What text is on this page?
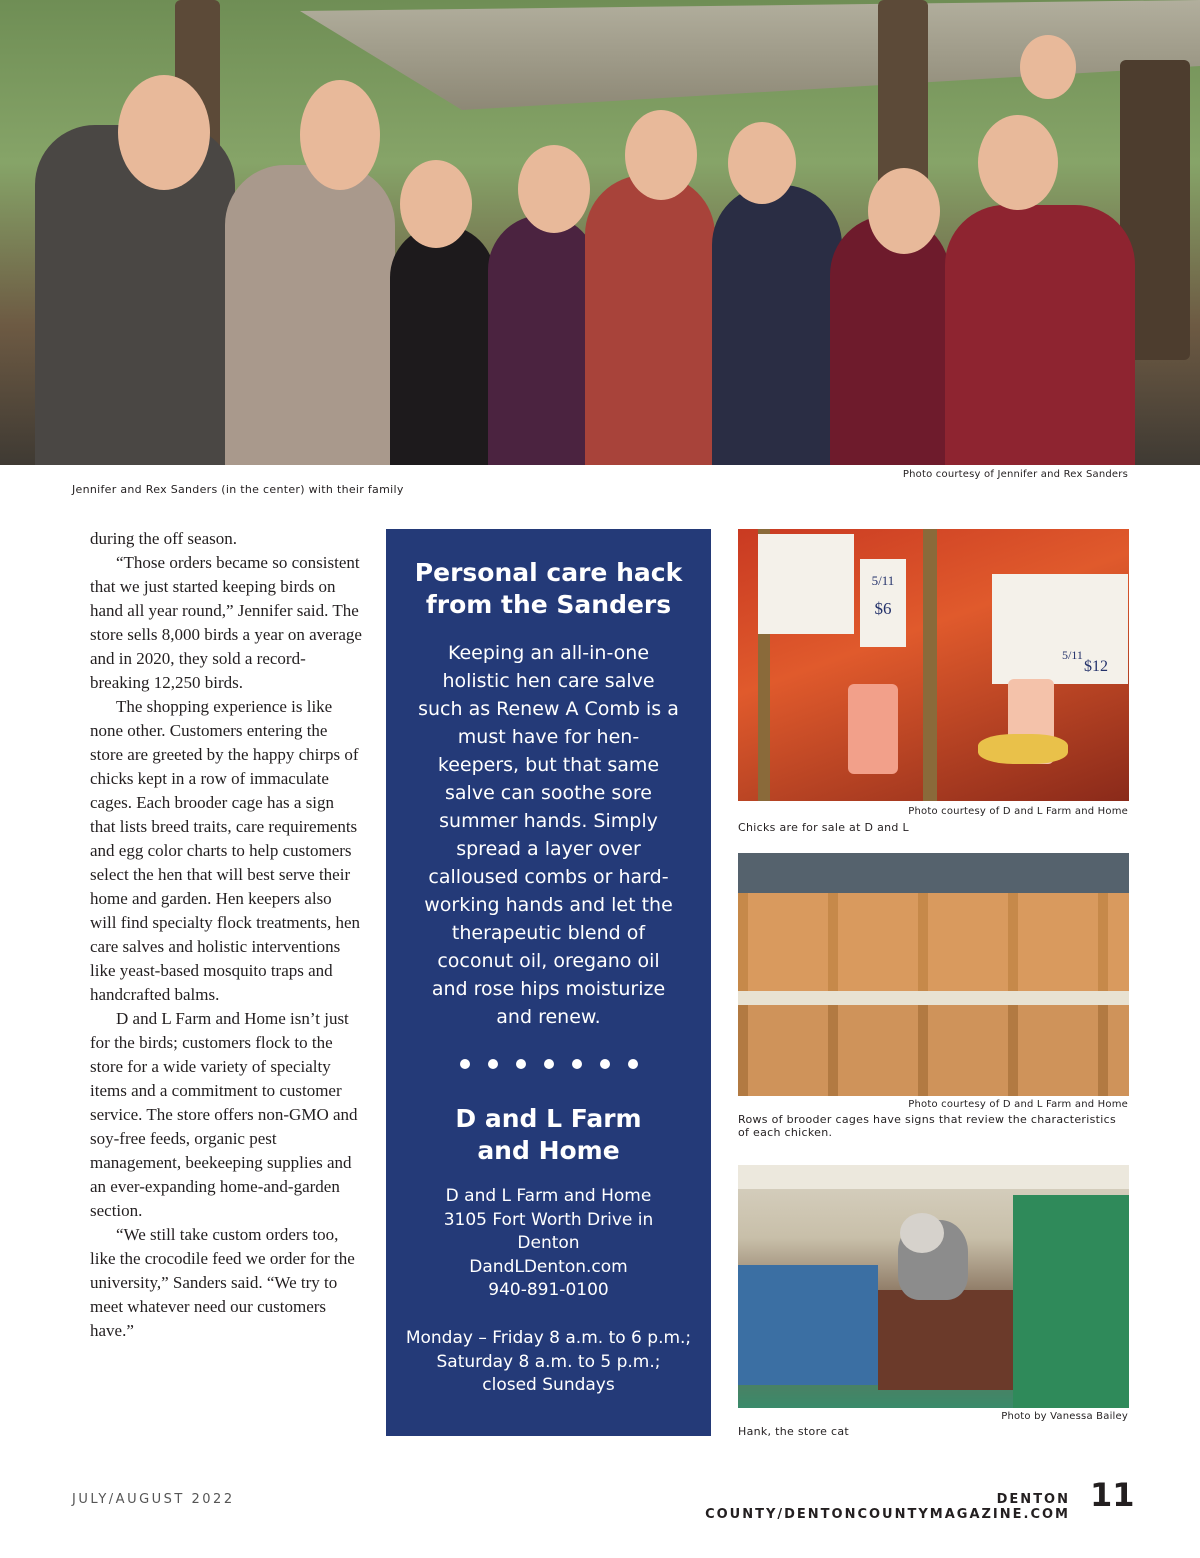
Photo courtesy of Jennifer and Rex Sanders
Jennifer and Rex Sanders (in the center) with their family

during the off season.

“Those orders became so consistent that we just started keeping birds on hand all year round,” Jennifer said. The store sells 8,000 birds a year on average and in 2020, they sold a record-breaking 12,250 birds.

The shopping experience is like none other. Customers entering the store are greeted by the happy chirps of chicks kept in a row of immaculate cages. Each brooder cage has a sign that lists breed traits, care requirements and egg color charts to help customers select the hen that will best serve their home and garden. Hen keepers also will find specialty flock treatments, hen care salves and holistic interventions like yeast-based mosquito traps and handcrafted balms.

D and L Farm and Home isn’t just for the birds; customers flock to the store for a wide variety of specialty items and a commitment to customer service. The store offers non-GMO and soy-free feeds, organic pest management, beekeeping supplies and an ever-expanding home-and-garden section.

“We still take custom orders too, like the crocodile feed we order for the university,” Sanders said. “We try to meet whatever need our customers have.”

Personal care hack from the Sanders
Keeping an all-in-one holistic hen care salve such as Renew A Comb is a must have for hen-keepers, but that same salve can soothe sore summer hands. Simply spread a layer over calloused combs or hard-working hands and let the therapeutic blend of coconut oil, oregano oil and rose hips moisturize and renew.
D and L Farm and Home
D and L Farm and Home
3105 Fort Worth Drive in
Denton
DandLDenton.com
940-891-0100
Monday – Friday 8 a.m. to 6 p.m.;
Saturday 8 a.m. to 5 p.m.;
closed Sundays
5/11
$6
5/11
$12
Photo courtesy of D and L Farm and Home
Chicks are for sale at D and L
Photo courtesy of D and L Farm and Home
Rows of brooder cages have signs that review the characteristics of each chicken.
Photo by Vanessa Bailey
Hank, the store cat
JULY/AUGUST 2022	DENTON COUNTY/DENTONCOUNTYMAGAZINE.COM
11
